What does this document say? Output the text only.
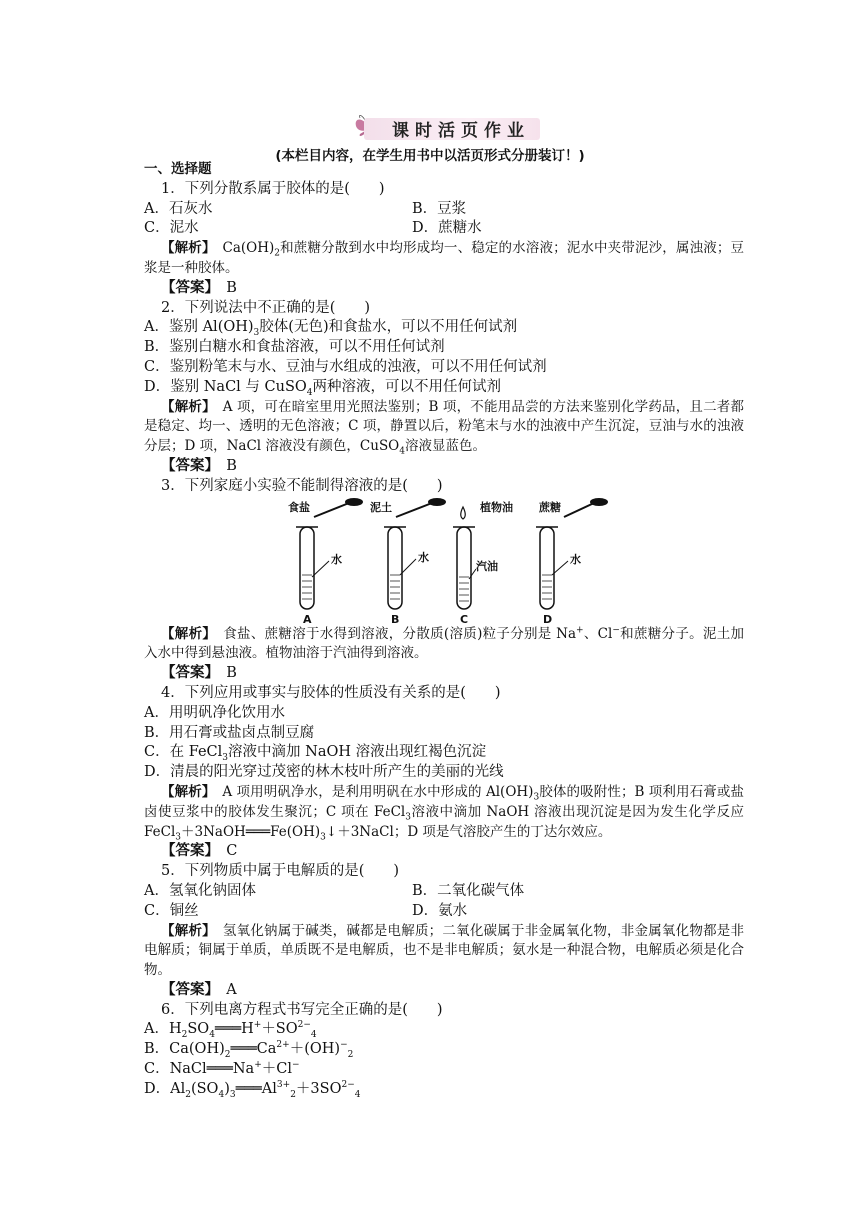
课时活页作业
(本栏目内容，在学生用书中以活页形式分册装订！)
一、选择题
1．下列分散系属于胶体的是(　　)
A．石灰水	B．豆浆
C．泥水	D．蔗糖水
【解析】　 $Ca(OH)_2$和蔗糖分散到水中均形成均一、稳定的水溶液；泥水中夹带泥沙，属浊液；豆浆是一种胶体。
【答案】　 B
2．下列说法中不正确的是(　　)
A．鉴别 $Al(OH)_3$胶体(无色)和食盐水，可以不用任何试剂
B．鉴别白糖水和食盐溶液，可以不用任何试剂
C．鉴别粉笔末与水、豆油与水组成的浊液，可以不用任何试剂
D．鉴别 NaCl 与 CuSO$_4$两种溶液，可以不用任何试剂
【解析】　 A 项，可在暗室里用光照法鉴别；B 项，不能用品尝的方法来鉴别化学药品，且二者都是稳定、均一、透明的无色溶液；C 项，静置以后，粉笔末与水的浊液中产生沉淀，豆油与水的浊液分层；D 项，NaCl 溶液没有颜色，CuSO$_4$溶液显蓝色。
【答案】　 B
3．下列家庭小实验不能制得溶液的是(　　)
食盐
水
A
泥土
水
B
植物油
汽油
C
蔗糖
水
D
【解析】　 食盐、蔗糖溶于水得到溶液，分散质(溶质)粒子分别是 Na+、Cl−和蔗糖分子。泥土加入水中得到悬浊液。植物油溶于汽油得到溶液。
【答案】　 B
4．下列应用或事实与胶体的性质没有关系的是(　　)
A．用明矾净化饮用水
B．用石膏或盐卤点制豆腐
C．在 FeCl$_3$溶液中滴加 NaOH 溶液出现红褐色沉淀
D．清晨的阳光穿过茂密的林木枝叶所产生的美丽的光线
【解析】　 A 项用明矾净水，是利用明矾在水中形成的 $Al(OH)_3$胶体的吸附性；B 项利用石膏或盐卤使豆浆中的胶体发生聚沉；C 项在 FeCl$_3$溶液中滴加 NaOH 溶液出现沉淀是因为发生化学反应 $FeCl_3+3NaOH═══Fe(OH)_3↓+3NaCl$；D 项是气溶胶产生的丁达尔效应。
【答案】　 C
5．下列物质中属于电解质的是(　　)
A．氢氧化钠固体	B．二氧化碳气体
C．铜丝	D．氨水
【解析】　 氢氧化钠属于碱类，碱都是电解质；二氧化碳属于非金属氧化物，非金属氧化物都是非电解质；铜属于单质，单质既不是电解质，也不是非电解质；氨水是一种混合物，电解质必须是化合物。
【答案】　 A
6．下列电离方程式书写完全正确的是(　　)
A．$H_2SO_4═══H^++SO^{2-}_4$
B．$Ca(OH)_2═══Ca^{2+}+(OH)^-_2$
C．NaCl═══Na+＋Cl−
D．$Al_2(SO_4)_3═══Al^{3+}_2+3SO^{2-}_4$
